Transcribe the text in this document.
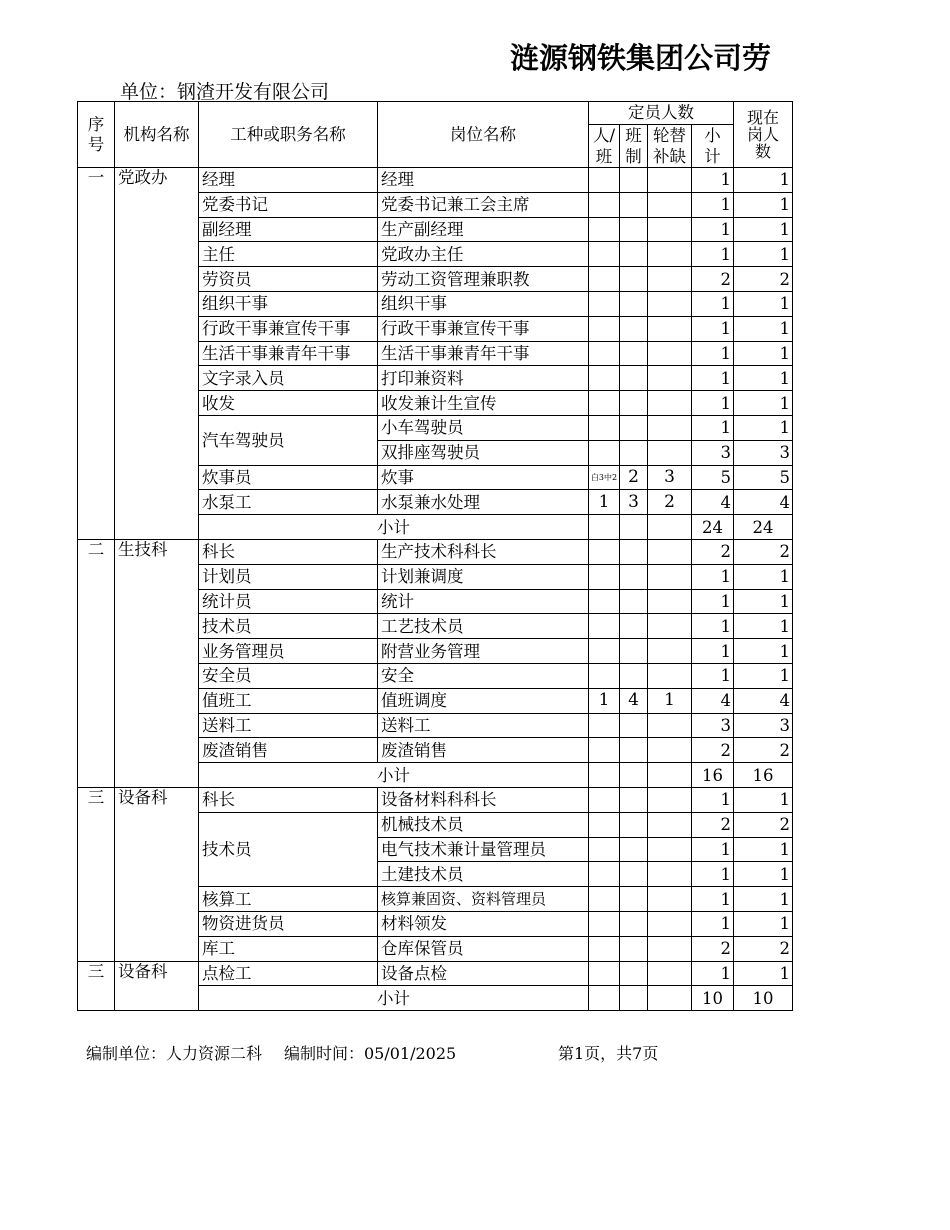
涟源钢铁集团公司劳
单位：钢渣开发有限公司
序号	机构名称	工种或职务名称	岗位名称	定员人数				现在岗人数

				人/班	班制	轮替补缺	小计	

一	党政办	经理	经理				1	1
		党委书记	党委书记兼工会主席				1	1
		副经理	生产副经理				1	1
		主任	党政办主任				1	1
		劳资员	劳动工资管理兼职教				2	2
		组织干事	组织干事				1	1
		行政干事兼宣传干事	行政干事兼宣传干事				1	1
		生活干事兼青年干事	生活干事兼青年干事				1	1
		文字录入员	打印兼资料				1	1
		收发	收发兼计生宣传				1	1
		汽车驾驶员	小车驾驶员				1	1
			双排座驾驶员				3	3
		炊事员	炊事	白3中2	2	3	5	5
		水泵工	水泵兼水处理	1	3	2	4	4
		小计					24	24
二	生技科	科长	生产技术科科长				2	2
		计划员	计划兼调度				1	1
		统计员	统计				1	1
		技术员	工艺技术员				1	1
		业务管理员	附营业务管理				1	1
		安全员	安全				1	1
		值班工	值班调度	1	4	1	4	4
		送料工	送料工				3	3
		废渣销售	废渣销售				2	2
		小计					16	16
三	设备科	科长	设备材料科科长				1	1
		技术员	机械技术员				2	2
			电气技术兼计量管理员				1	1
			土建技术员				1	1
		核算工	核算兼固资、资料管理员				1	1
		物资进货员	材料领发				1	1
		库工	仓库保管员				2	2
三	设备科	点检工	设备点检				1	1
		小计					10	10
编制单位：人力资源二科 编制时间：05/01/2025	第1页，共7页
